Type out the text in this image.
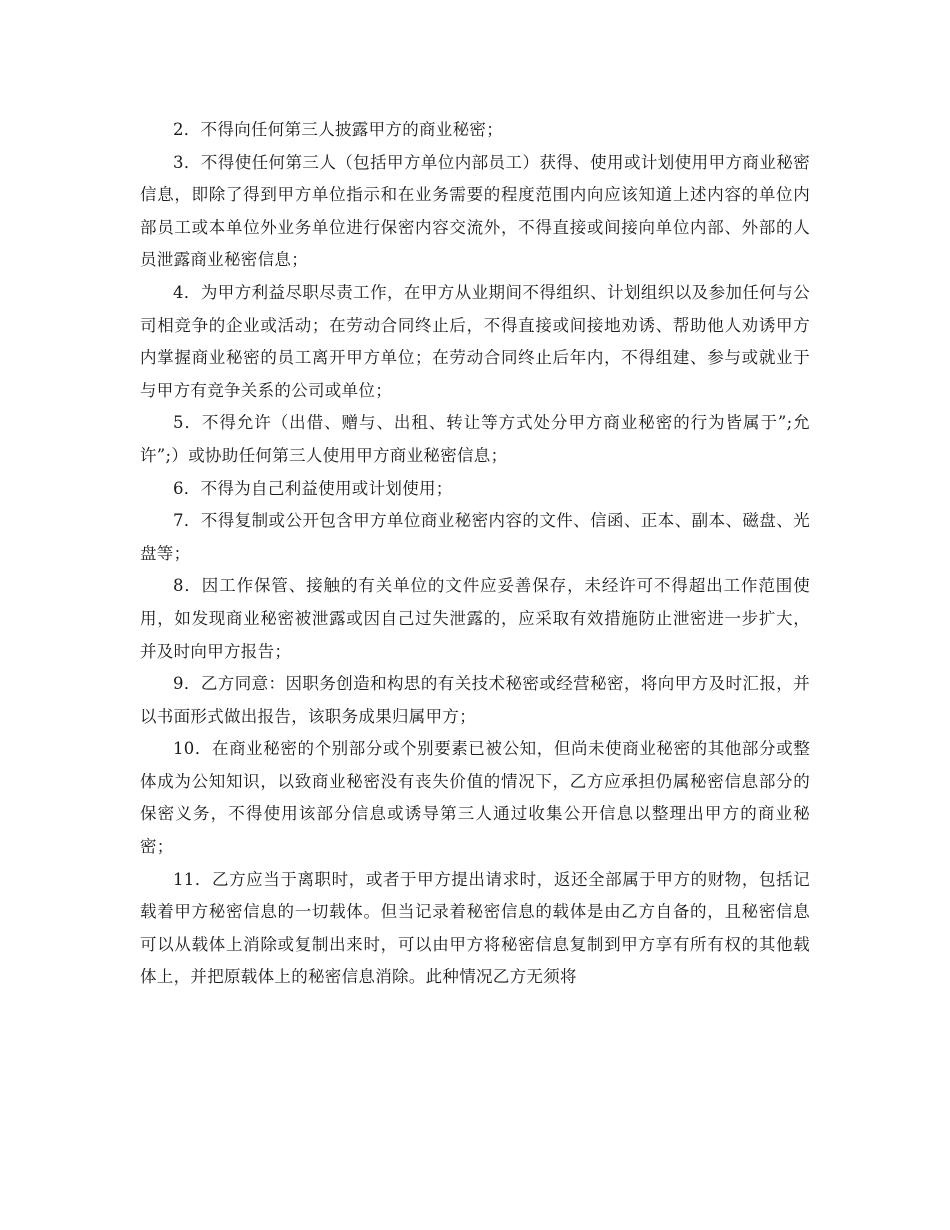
2．不得向任何第三人披露甲方的商业秘密；

3．不得使任何第三人（包括甲方单位内部员工）获得、使用或计划使用甲方商业秘密信息，即除了得到甲方单位指示和在业务需要的程度范围内向应该知道上述内容的单位内部员工或本单位外业务单位进行保密内容交流外，不得直接或间接向单位内部、外部的人员泄露商业秘密信息；

4．为甲方利益尽职尽责工作，在甲方从业期间不得组织、计划组织以及参加任何与公司相竞争的企业或活动；在劳动合同终止后，不得直接或间接地劝诱、帮助他人劝诱甲方内掌握商业秘密的员工离开甲方单位；在劳动合同终止后年内，不得组建、参与或就业于与甲方有竞争关系的公司或单位；

5．不得允许（出借、赠与、出租、转让等方式处分甲方商业秘密的行为皆属于”;允许”;）或协助任何第三人使用甲方商业秘密信息；

6．不得为自己利益使用或计划使用；

7．不得复制或公开包含甲方单位商业秘密内容的文件、信函、正本、副本、磁盘、光盘等；

8．因工作保管、接触的有关单位的文件应妥善保存，未经许可不得超出工作范围使用，如发现商业秘密被泄露或因自己过失泄露的，应采取有效措施防止泄密进一步扩大，并及时向甲方报告；

9．乙方同意：因职务创造和构思的有关技术秘密或经营秘密，将向甲方及时汇报，并以书面形式做出报告，该职务成果归属甲方；

10．在商业秘密的个别部分或个别要素已被公知，但尚未使商业秘密的其他部分或整体成为公知知识，以致商业秘密没有丧失价值的情况下，乙方应承担仍属秘密信息部分的保密义务，不得使用该部分信息或诱导第三人通过收集公开信息以整理出甲方的商业秘密；

11．乙方应当于离职时，或者于甲方提出请求时，返还全部属于甲方的财物，包括记载着甲方秘密信息的一切载体。但当记录着秘密信息的载体是由乙方自备的，且秘密信息可以从载体上消除或复制出来时，可以由甲方将秘密信息复制到甲方享有所有权的其他载体上，并把原载体上的秘密信息消除。此种情况乙方无须将
